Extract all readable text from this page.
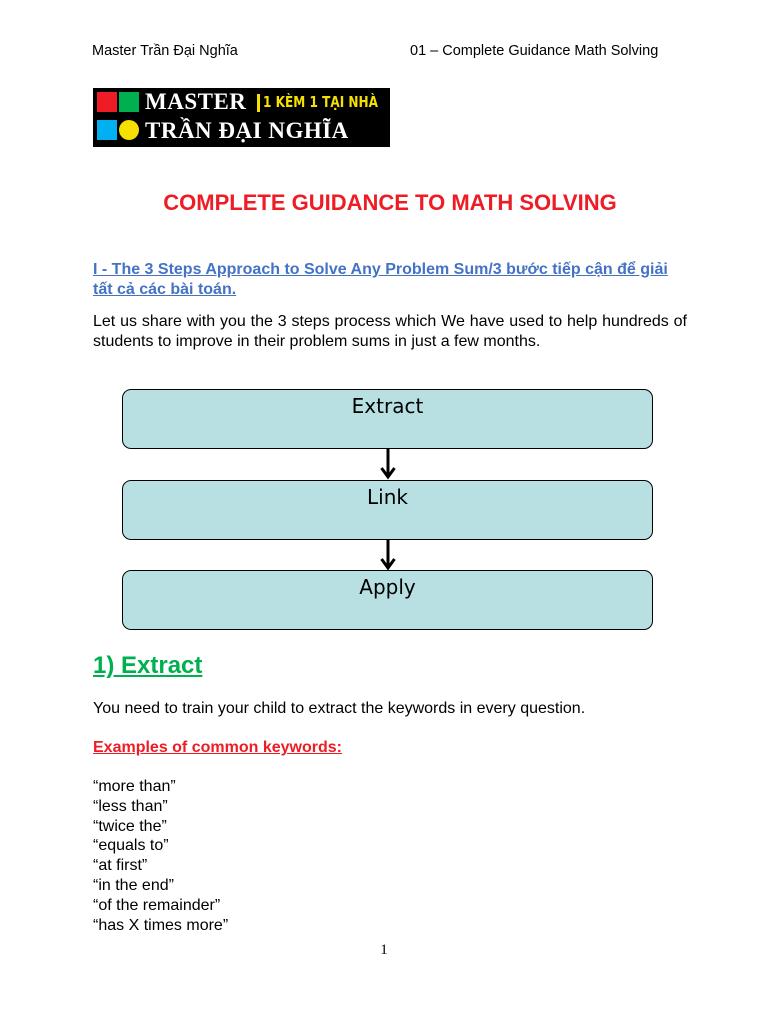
Master Trần Đại Nghĩa	01 – Complete Guidance Math Solving
MASTER 1 KÈM 1 TẠI NHÀ
TRẦN ĐẠI NGHĨA
COMPLETE GUIDANCE TO MATH SOLVING
I - The 3 Steps Approach to Solve Any Problem Sum/3 bước tiếp cận để giải tất cả các bài toán.
Let us share with you the 3 steps process which We have used to help hundreds of students to improve in their problem sums in just a few months.
Extract
Link
Apply
1) Extract
You need to train your child to extract the keywords in every question.
Examples of common keywords:
“more than”
“less than”
“twice the”
“equals to”
“at first”
“in the end”
“of the remainder”
“has X times more”
1
